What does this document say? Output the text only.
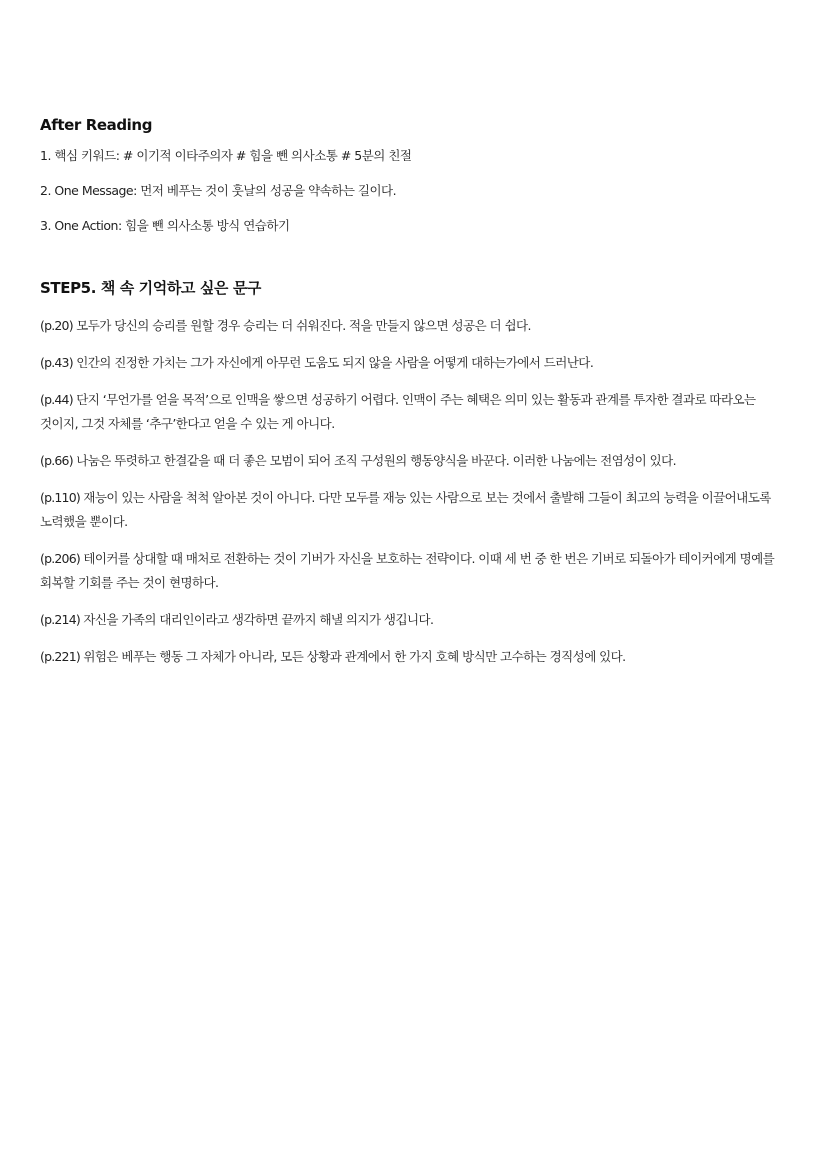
After Reading

1. 핵심 키워드: # 이기적 이타주의자 # 힘을 뺀 의사소통 # 5분의 친절

2. One Message: 먼저 베푸는 것이 훗날의 성공을 약속하는 길이다.

3. One Action: 힘을 뺀 의사소통 방식 연습하기

STEP5. 책 속 기억하고 싶은 문구

(p.20) 모두가 당신의 승리를 원할 경우 승리는 더 쉬워진다. 적을 만들지 않으면 성공은 더 쉽다.

(p.43) 인간의 진정한 가치는 그가 자신에게 아무런 도움도 되지 않을 사람을 어떻게 대하는가에서 드러난다.

(p.44) 단지 ‘무언가를 얻을 목적’으로 인맥을 쌓으면 성공하기 어렵다. 인맥이 주는 혜택은 의미 있는 활동과 관계를 투자한 결과로 따라오는 것이지, 그것 자체를 ‘추구’한다고 얻을 수 있는 게 아니다.

(p.66) 나눔은 뚜렷하고 한결같을 때 더 좋은 모범이 되어 조직 구성원의 행동양식을 바꾼다. 이러한 나눔에는 전염성이 있다.

(p.110) 재능이 있는 사람을 척척 알아본 것이 아니다. 다만 모두를 재능 있는 사람으로 보는 것에서 출발해 그들이 최고의 능력을 이끌어내도록 노력했을 뿐이다.

(p.206) 테이커를 상대할 때 매처로 전환하는 것이 기버가 자신을 보호하는 전략이다. 이때 세 번 중 한 번은 기버로 되돌아가 테이커에게 명예를 회복할 기회를 주는 것이 현명하다.

(p.214) 자신을 가족의 대리인이라고 생각하면 끝까지 해낼 의지가 생깁니다.

(p.221) 위험은 베푸는 행동 그 자체가 아니라, 모든 상황과 관계에서 한 가지 호혜 방식만 고수하는 경직성에 있다.
